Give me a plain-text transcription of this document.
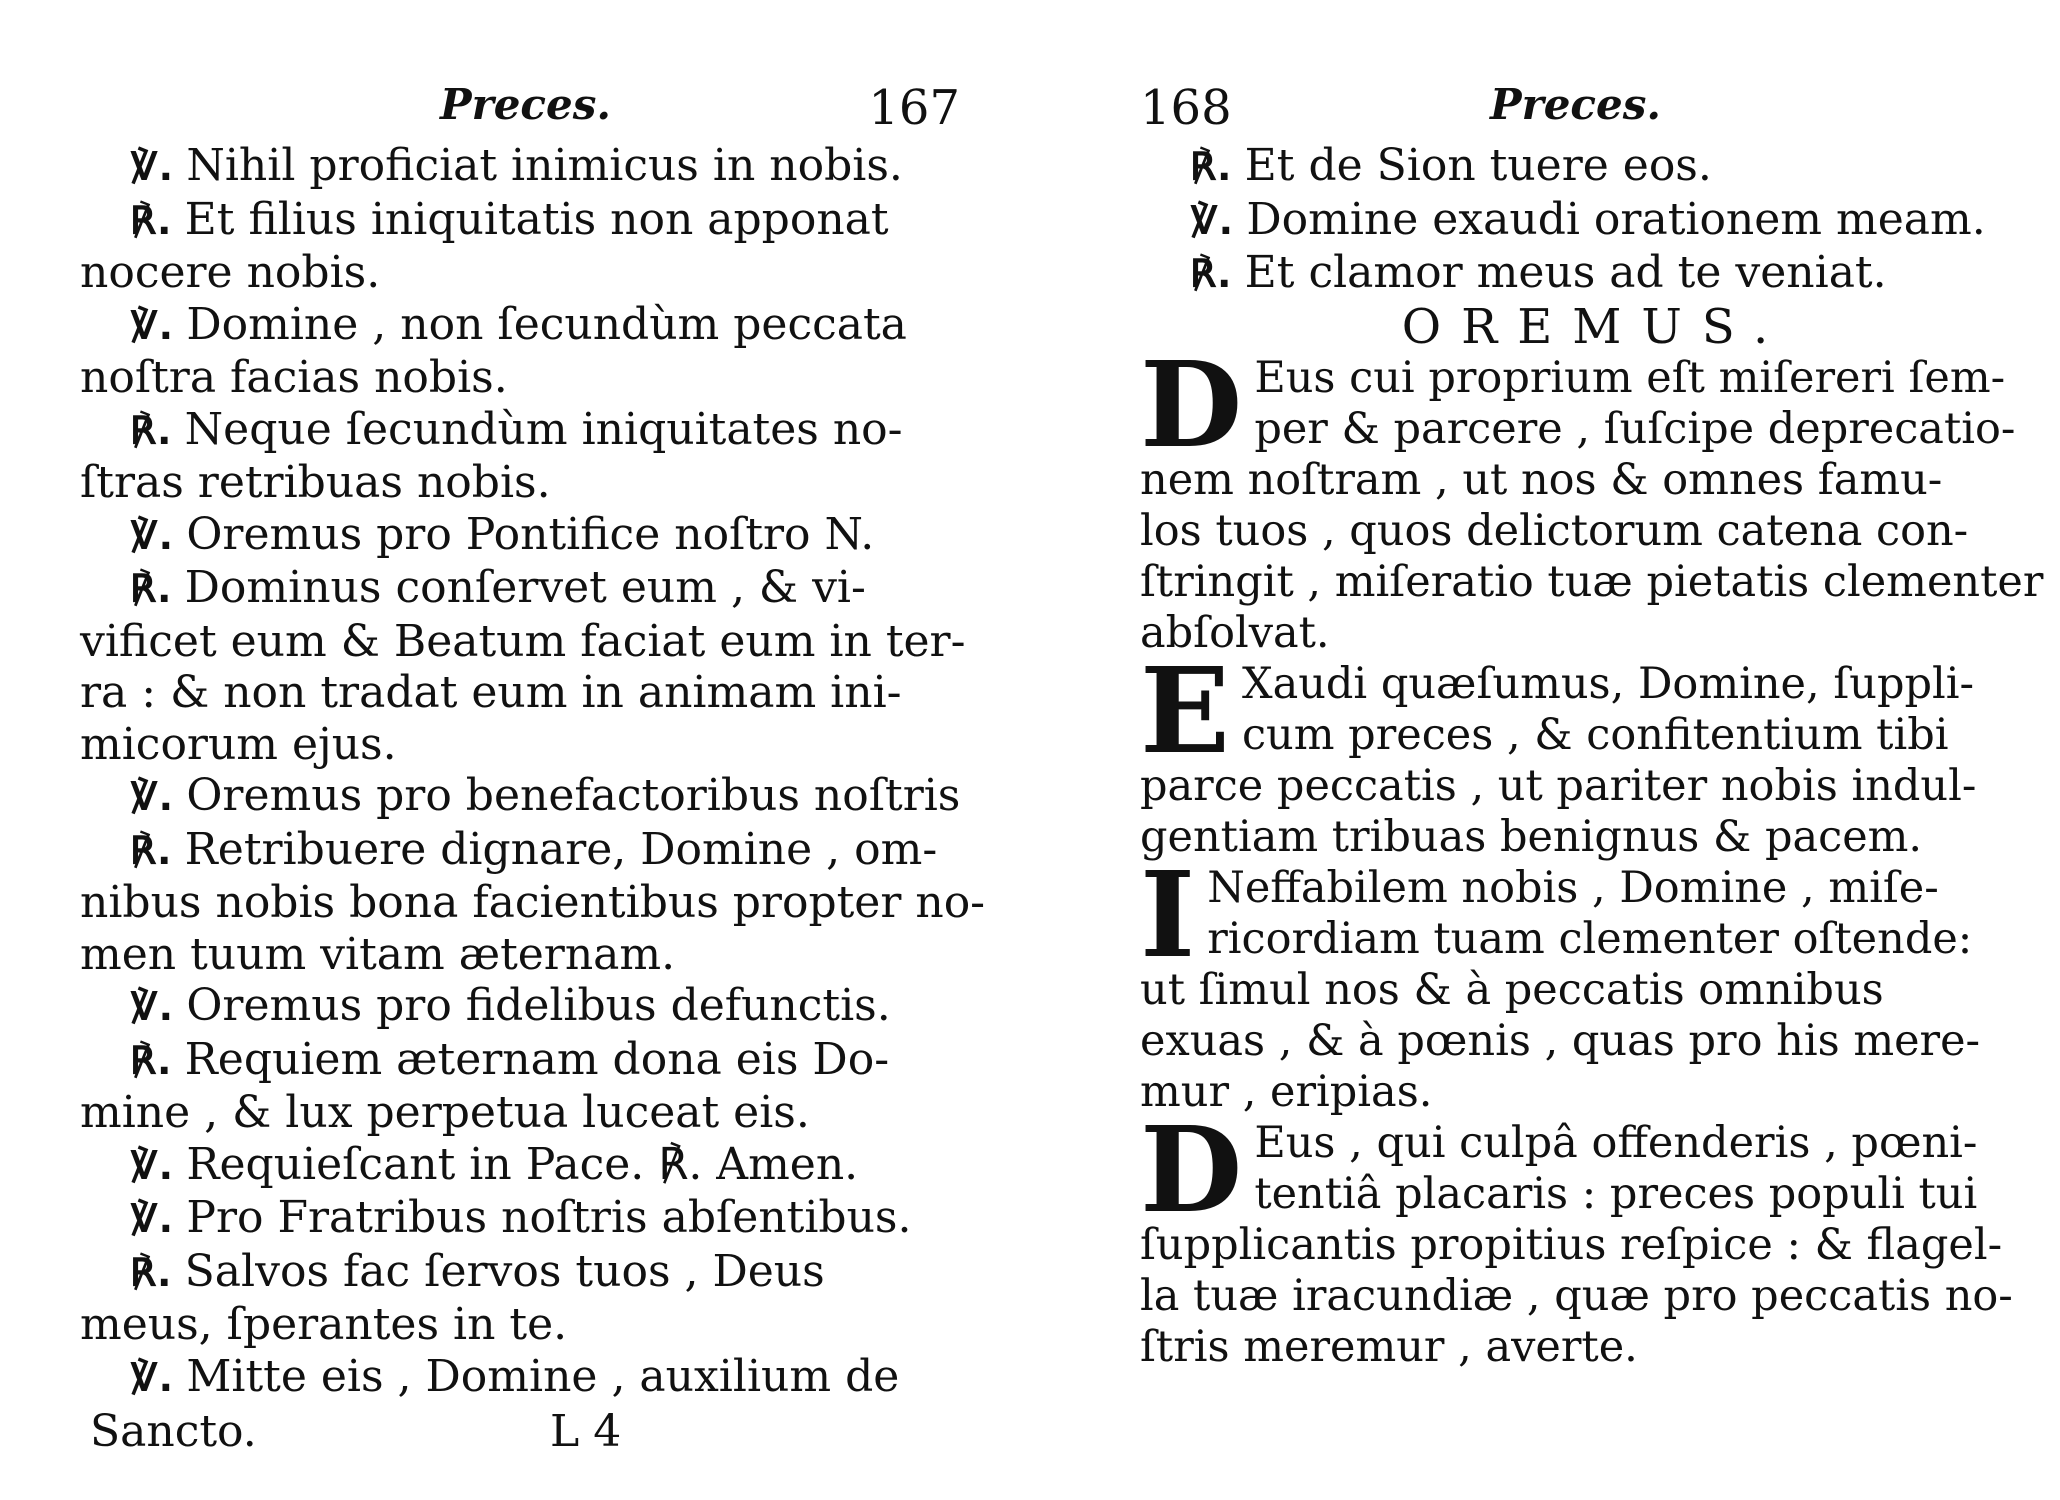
Preces.	167
℣. Nihil proficiat inimicus in nobis.
℟. Et filius iniquitatis non apponat
nocere nobis.
℣. Domine , non ſecundùm peccata
noſtra facias nobis.
℟. Neque ſecundùm iniquitates no-
ſtras retribuas nobis.
℣. Oremus pro Pontifice noſtro N.
℟. Dominus conſervet eum , & vi-
vificet eum & Beatum faciat eum in ter-
ra : & non tradat eum in animam ini-
micorum ejus.
℣. Oremus pro benefactoribus noſtris
℟. Retribuere dignare, Domine , om-
nibus nobis bona facientibus propter no-
men tuum vitam æternam.
℣. Oremus pro fidelibus defunctis.
℟. Requiem æternam dona eis Do-
mine , & lux perpetua luceat eis.
℣. Requieſcant in Pace. ℟. Amen.
℣. Pro Fratribus noſtris abſentibus.
℟. Salvos fac ſervos tuos , Deus
meus, ſperantes in te.
℣. Mitte eis , Domine , auxilium de
Sancto.	L 4
168	Preces.
℟. Et de Sion tuere eos.
℣. Domine exaudi orationem meam.
℟. Et clamor meus ad te veniat.
OREMUS.
D Eus cui proprium eſt miſereri ſem-
per & parcere , ſuſcipe deprecatio-
nem noſtram , ut nos & omnes famu-
los tuos , quos delictorum catena con-
ſtringit , miſeratio tuæ pietatis clementer
abſolvat.
E Xaudi quæſumus, Domine, ſuppli-
cum preces , & confitentium tibi
parce peccatis , ut pariter nobis indul-
gentiam tribuas benignus & pacem.
I Neffabilem nobis , Domine , miſe-
ricordiam tuam clementer oſtende:
ut ſimul nos & à peccatis omnibus
exuas , & à pœnis , quas pro his mere-
mur , eripias.
D Eus , qui culpâ offenderis , pœni-
tentiâ placaris : preces populi tui
ſupplicantis propitius reſpice : & flagel-
la tuæ iracundiæ , quæ pro peccatis no-
ſtris meremur , averte.
